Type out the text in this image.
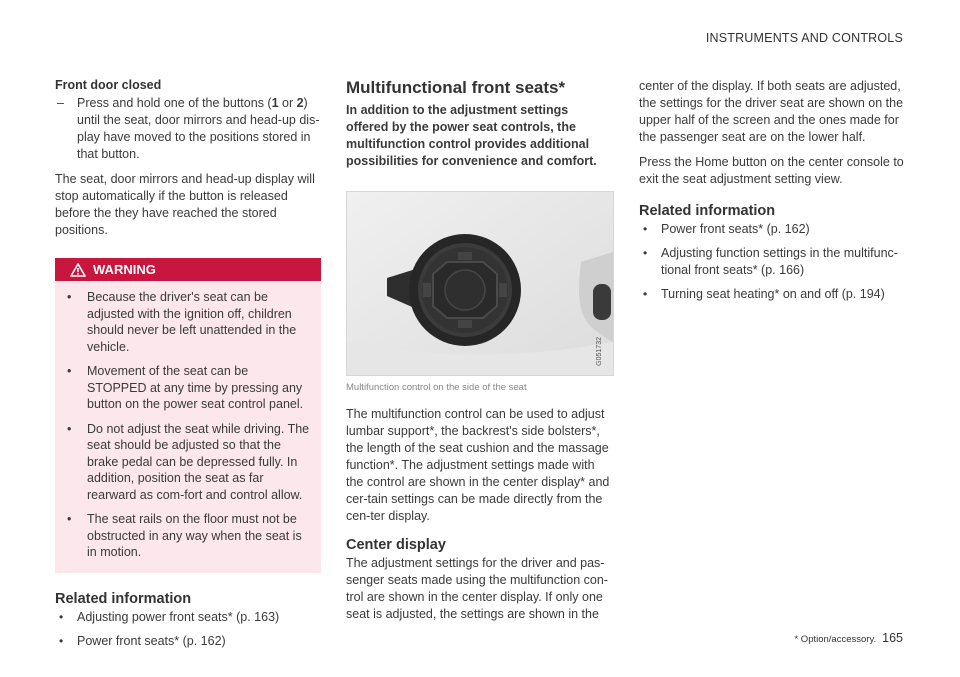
INSTRUMENTS AND CONTROLS
Front door closed
– Press and hold one of the buttons (1 or 2) until the seat, door mirrors and head-up dis-play have moved to the positions stored in that button.

The seat, door mirrors and head-up display will stop automatically if the button is released before the they have reached the stored positions.

WARNING
• Because the driver's seat can be adjusted with the ignition off, children should never be left unattended in the vehicle.
• Movement of the seat can be STOPPED at any time by pressing any button on the power seat control panel.
• Do not adjust the seat while driving. The seat should be adjusted so that the brake pedal can be depressed fully. In addition, position the seat as far rearward as com-fort and control allow.
• The seat rails on the floor must not be obstructed in any way when the seat is in motion.
Related information
• Adjusting power front seats* (p. 163)
• Power front seats* (p. 162)
Multifunctional front seats*

In addition to the adjustment settings offered by the power seat controls, the multifunction control provides additional possibilities for convenience and comfort.

G051732
Multifunction control on the side of the seat

The multifunction control can be used to adjust lumbar support*, the backrest's side bolsters*, the length of the seat cushion and the massage function*. The adjustment settings made with the control are shown in the center display* and cer-tain settings can be made directly from the cen-ter display.

Center display

The adjustment settings for the driver and pas-senger seats made using the multifunction con-trol are shown in the center display. If only one seat is adjusted, the settings are shown in the

center of the display. If both seats are adjusted, the settings for the driver seat are shown on the upper half of the screen and the ones made for the passenger seat are on the lower half.

Press the Home button on the center console to exit the seat adjustment setting view.

Related information
• Power front seats* (p. 162)
• Adjusting function settings in the multifunc-tional front seats* (p. 166)
• Turning seat heating* on and off (p. 194)
* Option/accessory. 165
